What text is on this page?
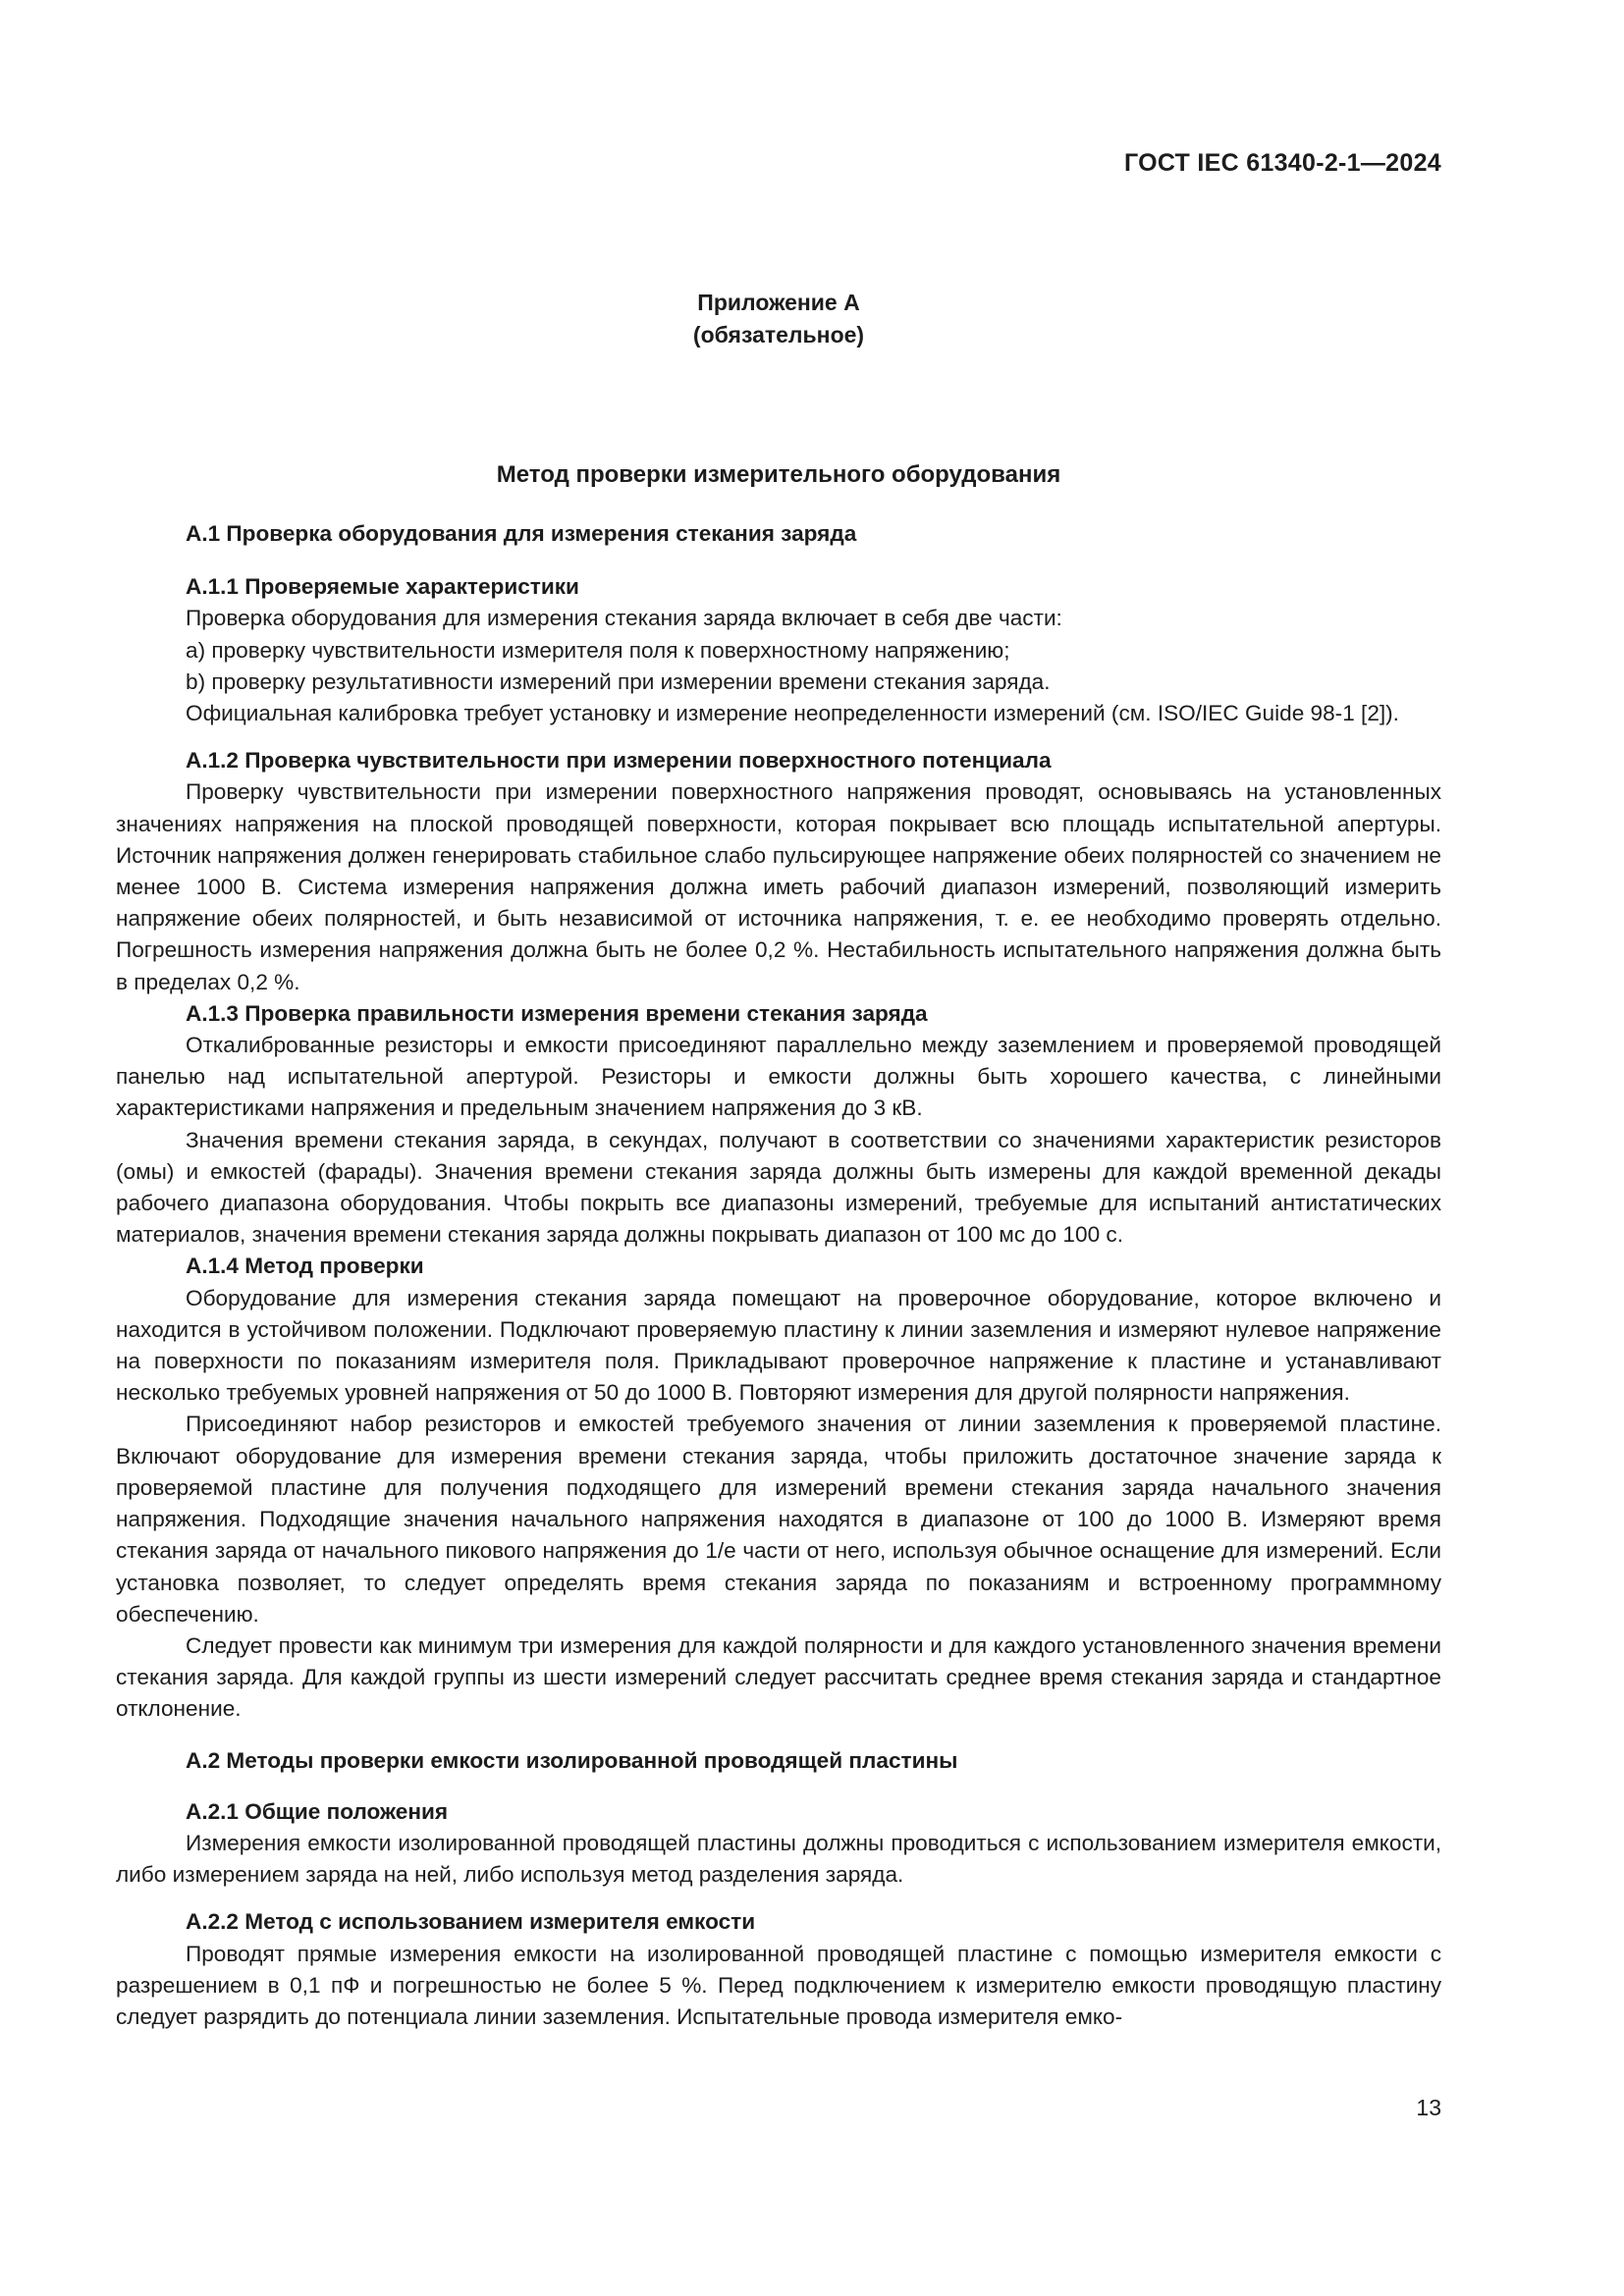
ГОСТ IEC 61340-2-1—2024
Приложение А
(обязательное)
Метод проверки измерительного оборудования
А.1 Проверка оборудования для измерения стекания заряда
А.1.1 Проверяемые характеристики

Проверка оборудования для измерения стекания заряда включает в себя две части:

a) проверку чувствительности измерителя поля к поверхностному напряжению;

b) проверку результативности измерений при измерении времени стекания заряда.

Официальная калибровка требует установку и измерение неопределенности измерений (см. ISO/IEC Guide 98-1 [2]).

А.1.2 Проверка чувствительности при измерении поверхностного потенциала

Проверку чувствительности при измерении поверхностного напряжения проводят, основываясь на установленных значениях напряжения на плоской проводящей поверхности, которая покрывает всю площадь испытательной апертуры. Источник напряжения должен генерировать стабильное слабо пульсирующее напряжение обеих полярностей со значением не менее 1000 В. Система измерения напряжения должна иметь рабочий диапазон измерений, позволяющий измерить напряжение обеих полярностей, и быть независимой от источника напряжения, т. е. ее необходимо проверять отдельно. Погрешность измерения напряжения должна быть не более 0,2 %. Нестабильность испытательного напряжения должна быть в пределах 0,2 %.

А.1.3 Проверка правильности измерения времени стекания заряда

Откалиброванные резисторы и емкости присоединяют параллельно между заземлением и проверяемой проводящей панелью над испытательной апертурой. Резисторы и емкости должны быть хорошего качества, с линейными характеристиками напряжения и предельным значением напряжения до 3 кВ.

Значения времени стекания заряда, в секундах, получают в соответствии со значениями характеристик резисторов (омы) и емкостей (фарады). Значения времени стекания заряда должны быть измерены для каждой временной декады рабочего диапазона оборудования. Чтобы покрыть все диапазоны измерений, требуемые для испытаний антистатических материалов, значения времени стекания заряда должны покрывать диапазон от 100 мс до 100 с.

А.1.4 Метод проверки

Оборудование для измерения стекания заряда помещают на проверочное оборудование, которое включено и находится в устойчивом положении. Подключают проверяемую пластину к линии заземления и измеряют нулевое напряжение на поверхности по показаниям измерителя поля. Прикладывают проверочное напряжение к пластине и устанавливают несколько требуемых уровней напряжения от 50 до 1000 В. Повторяют измерения для другой полярности напряжения.

Присоединяют набор резисторов и емкостей требуемого значения от линии заземления к проверяемой пластине. Включают оборудование для измерения времени стекания заряда, чтобы приложить достаточное значение заряда к проверяемой пластине для получения подходящего для измерений времени стекания заряда начального значения напряжения. Подходящие значения начального напряжения находятся в диапазоне от 100 до 1000 В. Измеряют время стекания заряда от начального пикового напряжения до 1/e части от него, используя обычное оснащение для измерений. Если установка позволяет, то следует определять время стекания заряда по показаниям и встроенному программному обеспечению.

Следует провести как минимум три измерения для каждой полярности и для каждого установленного значения времени стекания заряда. Для каждой группы из шести измерений следует рассчитать среднее время стекания заряда и стандартное отклонение.

А.2 Методы проверки емкости изолированной проводящей пластины
А.2.1 Общие положения

Измерения емкости изолированной проводящей пластины должны проводиться с использованием измерителя емкости, либо измерением заряда на ней, либо используя метод разделения заряда.

А.2.2 Метод с использованием измерителя емкости

Проводят прямые измерения емкости на изолированной проводящей пластине с помощью измерителя емкости с разрешением в 0,1 пФ и погрешностью не более 5 %. Перед подключением к измерителю емкости проводящую пластину следует разрядить до потенциала линии заземления. Испытательные провода измерителя емко-

13
